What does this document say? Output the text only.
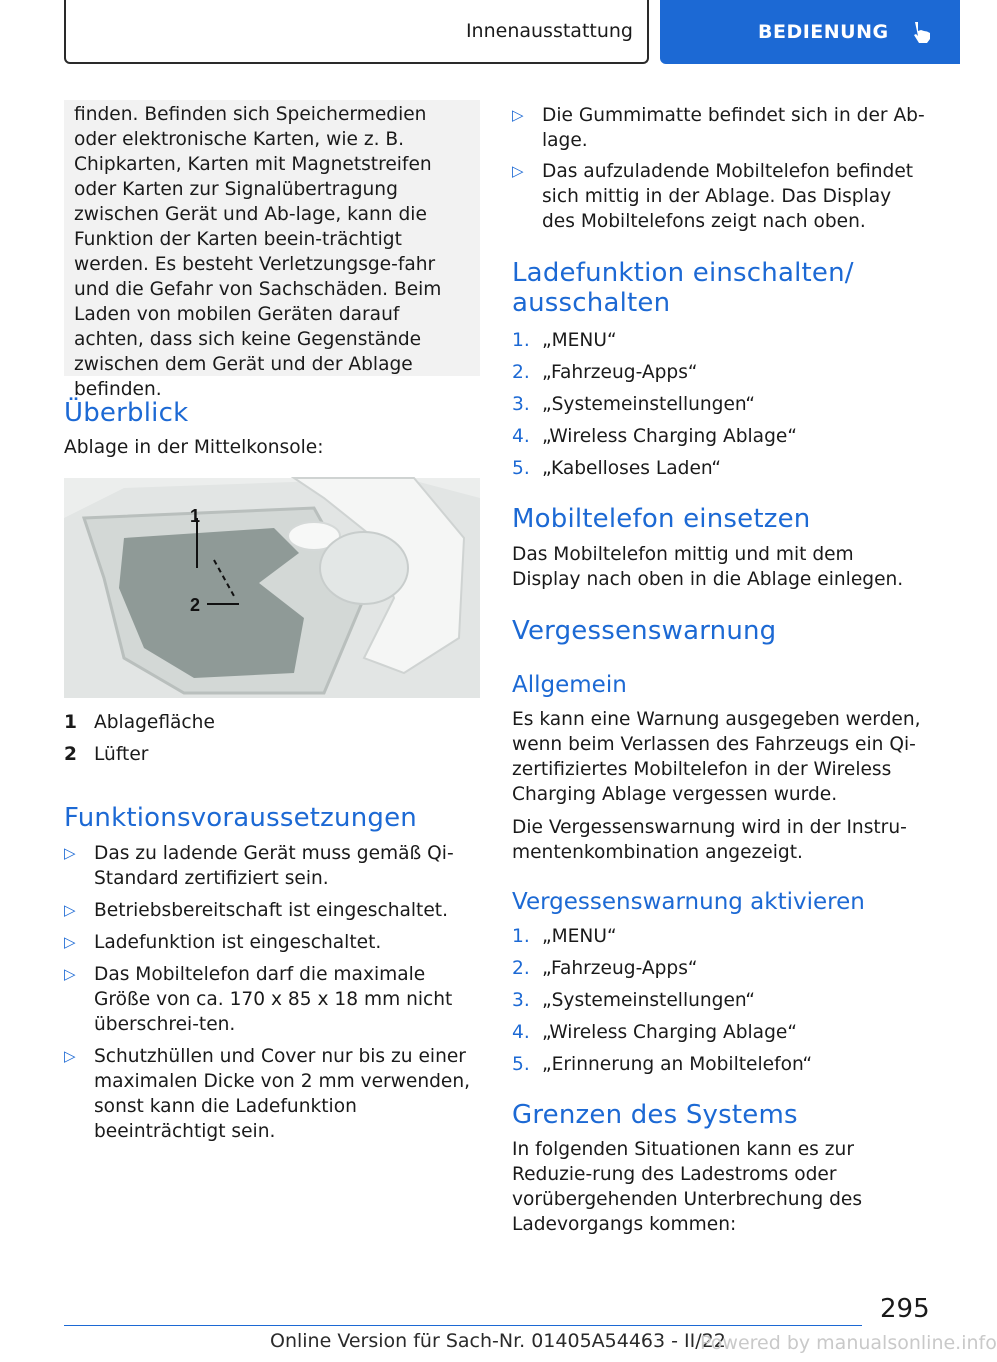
Innenausstattung	BEDIENUNG

finden. Befinden sich Speichermedien oder elektronische Karten, wie z. B. Chipkarten, Karten mit Magnetstreifen oder Karten zur Signalübertragung zwischen Gerät und Ab-lage, kann die Funktion der Karten beein-trächtigt werden. Es besteht Verletzungsge-fahr und die Gefahr von Sachschäden. Beim Laden von mobilen Geräten darauf achten, dass sich keine Gegenstände zwischen dem Gerät und der Ablage befinden.

Überblick
Ablage in der Mittelkonsole:
1
2
1 Ablagefläche
2 Lüfter
Funktionsvoraussetzungen
▷ Das zu ladende Gerät muss gemäß Qi-Standard zertifiziert sein.
▷ Betriebsbereitschaft ist eingeschaltet.
▷ Ladefunktion ist eingeschaltet.
▷ Das Mobiltelefon darf die maximale Größe von ca. 170 x 85 x 18 mm nicht überschrei-ten.
▷ Schutzhüllen und Cover nur bis zu einer maximalen Dicke von 2 mm verwenden, sonst kann die Ladefunktion beeinträchtigt sein.
▷ Die Gummimatte befindet sich in der Ab-lage.
▷ Das aufzuladende Mobiltelefon befindet sich mittig in der Ablage. Das Display des Mobiltelefons zeigt nach oben.
Ladefunktion einschalten/
ausschalten
1. „MENU“
2. „Fahrzeug-Apps“
3. „Systemeinstellungen“
4. „Wireless Charging Ablage“
5. „Kabelloses Laden“
Mobiltelefon einsetzen
Das Mobiltelefon mittig und mit dem Display nach oben in die Ablage einlegen.
Vergessenswarnung
Allgemein
Es kann eine Warnung ausgegeben werden, wenn beim Verlassen des Fahrzeugs ein Qi-zertifiziertes Mobiltelefon in der Wireless Charging Ablage vergessen wurde.
Die Vergessenswarnung wird in der Instru-mentenkombination angezeigt.
Vergessenswarnung aktivieren
1. „MENU“
2. „Fahrzeug-Apps“
3. „Systemeinstellungen“
4. „Wireless Charging Ablage“
5. „Erinnerung an Mobiltelefon“
Grenzen des Systems
In folgenden Situationen kann es zur Reduzie-rung des Ladestroms oder vorübergehenden Unterbrechung des Ladevorgangs kommen:
295
Online Version für Sach-Nr. 01405A54463 - II/22
Powered by manualsonline.info
